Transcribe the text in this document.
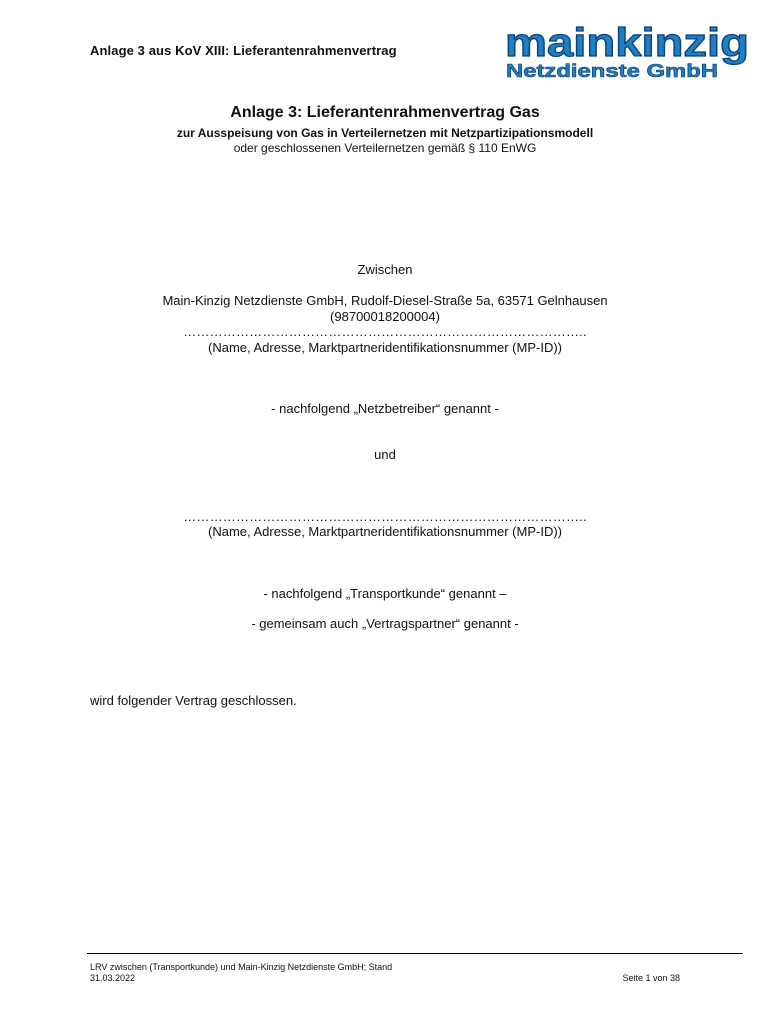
Anlage 3 aus KoV XIII: Lieferantenrahmenvertrag	mainkinzig
Netzdienste GmbH
Anlage 3: Lieferantenrahmenvertrag Gas
zur Ausspeisung von Gas in Verteilernetzen mit Netzpartizipationsmodell
oder geschlossenen Verteilernetzen gemäß § 110 EnWG
Zwischen
Main-Kinzig Netzdienste GmbH, Rudolf-Diesel-Straße 5a, 63571 Gelnhausen
(98700018200004)
………………………………………………………………………………..
(Name, Adresse, Marktpartneridentifikationsnummer (MP-ID))
- nachfolgend „Netzbetreiber“ genannt -
und
………………………………………………………………………………..
(Name, Adresse, Marktpartneridentifikationsnummer (MP-ID))
- nachfolgend „Transportkunde“ genannt –
- gemeinsam auch „Vertragspartner“ genannt -
wird folgender Vertrag geschlossen.
LRV zwischen (Transportkunde) und Main-Kinzig Netzdienste GmbH; Stand 31.03.2022	Seite 1 von 38
